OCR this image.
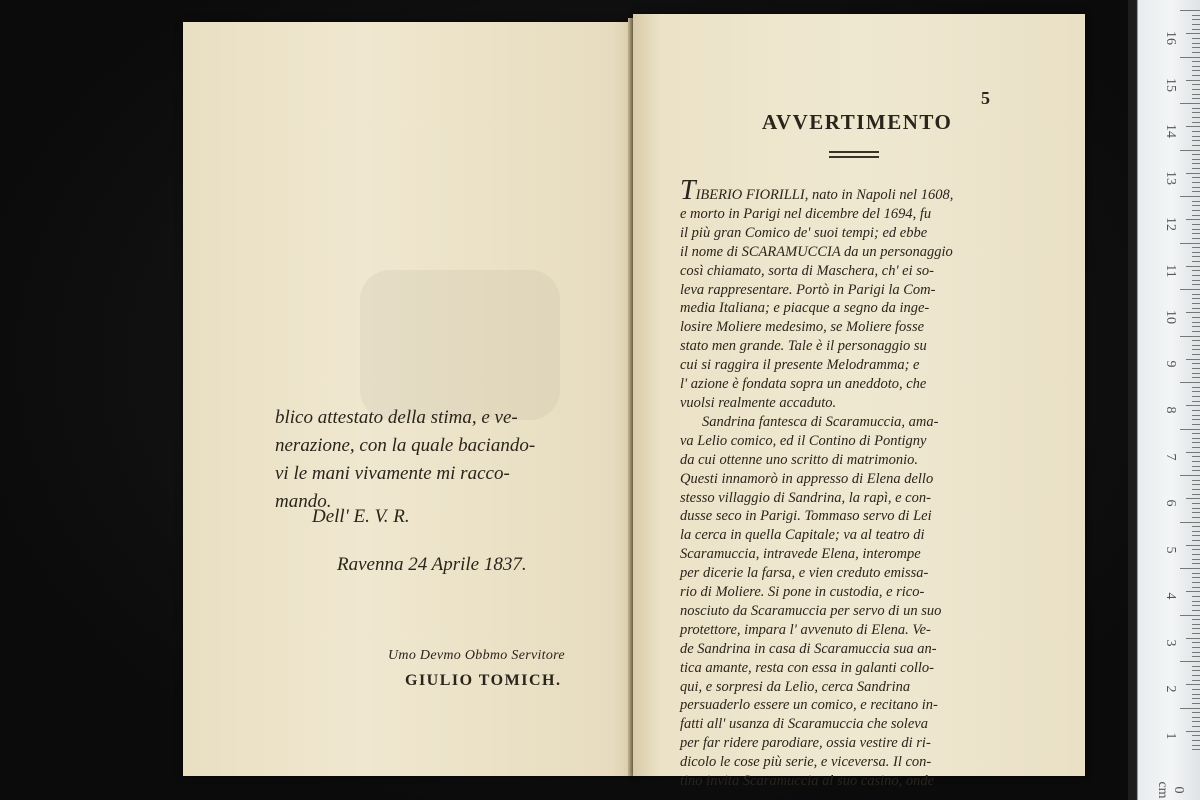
blico attestato della stima, e ve-
nerazione, con la quale baciando-
vi le mani vivamente mi racco-
mando.
Dell' E. V. R.
Ravenna 24 Aprile 1837.
Umo Devmo Obbmo Servitore
GIULIO TOMICH.
5
AVVERTIMENTO
TIBERIO FIORILLI, nato in Napoli nel 1608,
e morto in Parigi nel dicembre del 1694, fu
il più gran Comico de' suoi tempi; ed ebbe
il nome di SCARAMUCCIA da un personaggio
così chiamato, sorta di Maschera, ch' ei so-
leva rappresentare. Portò in Parigi la Com-
media Italiana; e piacque a segno da inge-
losire Moliere medesimo, se Moliere fosse
stato men grande. Tale è il personaggio su
cui si raggira il presente Melodramma; e
l' azione è fondata sopra un aneddoto, che
vuolsi realmente accaduto.
Sandrina fantesca di Scaramuccia, ama-
va Lelio comico, ed il Contino di Pontigny
da cui ottenne uno scritto di matrimonio.
Questi innamorò in appresso di Elena dello
stesso villaggio di Sandrina, la rapì, e con-
dusse seco in Parigi. Tommaso servo di Lei
la cerca in quella Capitale; va al teatro di
Scaramuccia, intravede Elena, interompe
per dicerie la farsa, e vien creduto emissa-
rio di Moliere. Si pone in custodia, e rico-
nosciuto da Scaramuccia per servo di un suo
protettore, impara l' avvenuto di Elena. Ve-
de Sandrina in casa di Scaramuccia sua an-
tica amante, resta con essa in galanti collo-
qui, e sorpresi da Lelio, cerca Sandrina
persuaderlo essere un comico, e recitano in-
fatti all' usanza di Scaramuccia che soleva
per far ridere parodiare, ossia vestire di ri-
dicolo le cose più serie, e viceversa. Il con-
tino invita Scaramuccia al suo casino, onde
16
15
14
13
12
11
10
9
8
7
6
5
4
3
2
1
0 cm
